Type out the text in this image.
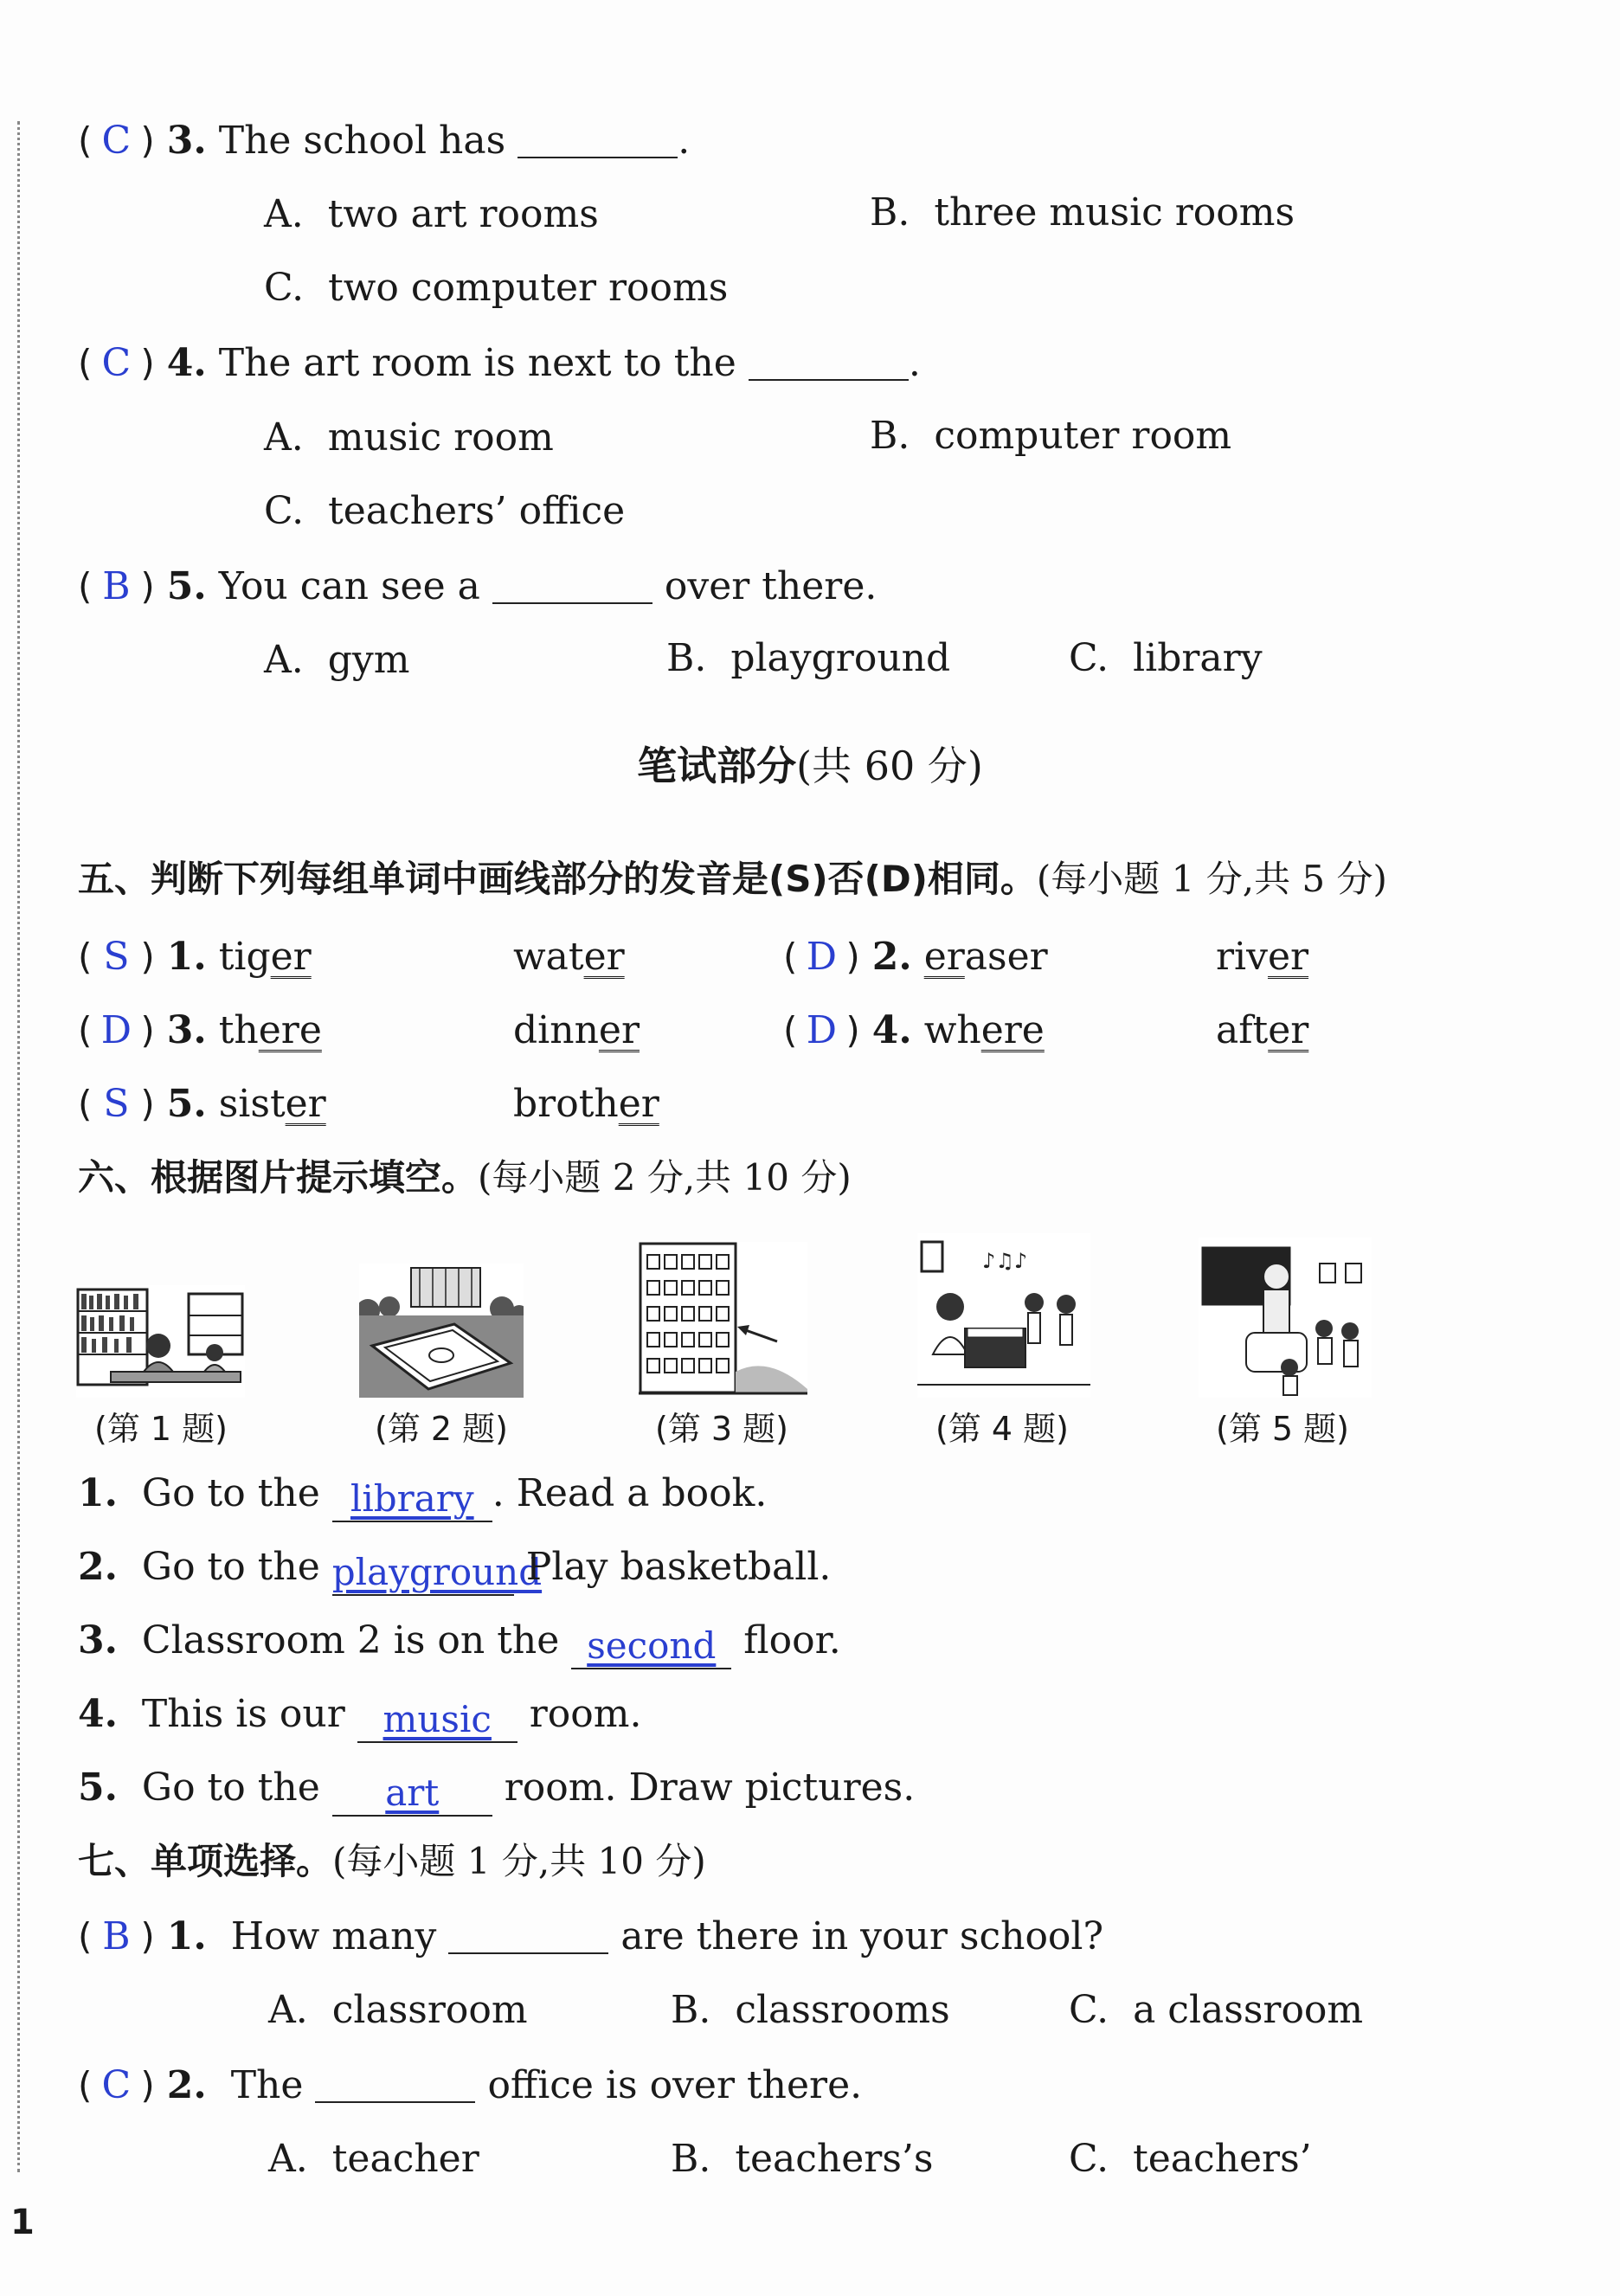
( C ) 3. The school has	.
A. two art rooms	B. three music rooms
C. two computer rooms
( C ) 4. The art room is next to the	.
A. music room	B. computer room
C. teachers’ office
( B ) 5. You can see a	over there.
A. gym	B. playground	C. library
笔试部分(共 60 分)
五、判断下列每组单词中画线部分的发音是(S)否(D)相同。(每小题 1 分,共 5 分)
( S ) 1. tiger	water	( D ) 2. eraser	river
( D ) 3. there	dinner	( D ) 4. where	after
( S ) 5. sister	brother
六、根据图片提示填空。(每小题 2 分,共 10 分)
♪♫♪
(第 1 题)	(第 2 题)	(第 3 题)	(第 4 题)	(第 5 题)
1. Go to the library . Read a book.
2. Go to the playground Play basketball.
3. Classroom 2 is on the second floor.
4. This is our music room.
5. Go to the art room. Draw pictures.
七、单项选择。(每小题 1 分,共 10 分)
( B ) 1. How many	are there in your school?
A. classroom	B. classrooms	C. a classroom
( C ) 2. The	office is over there.
A. teacher	B. teachers’s	C. teachers’
1
